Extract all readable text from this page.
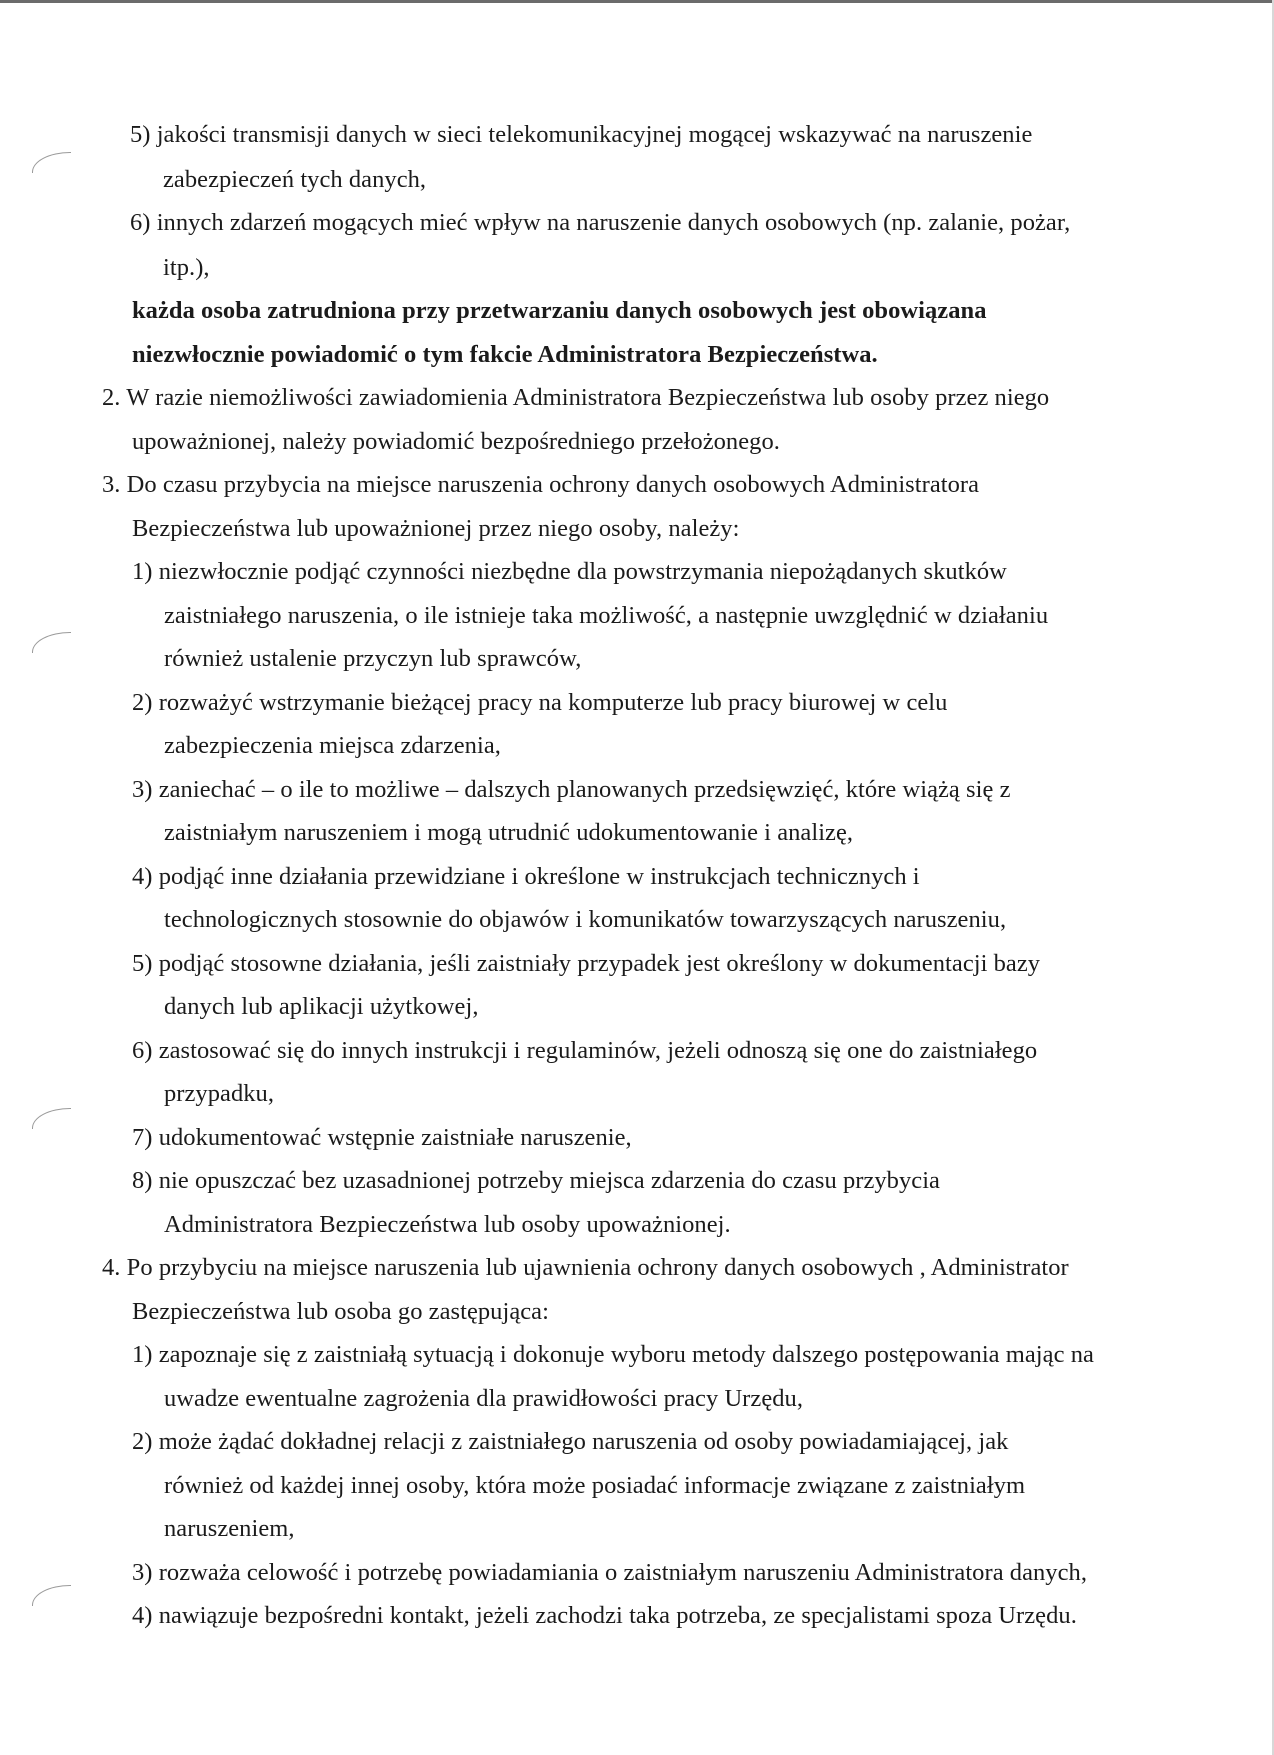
5) jakości transmisji danych w sieci telekomunikacyjnej mogącej wskazywać na naruszenie
zabezpieczeń tych danych,
6) innych zdarzeń mogących mieć wpływ na naruszenie danych osobowych (np. zalanie, pożar,
itp.),
każda osoba zatrudniona przy przetwarzaniu danych osobowych jest obowiązana
niezwłocznie powiadomić o tym fakcie Administratora Bezpieczeństwa.
2. W razie niemożliwości zawiadomienia Administratora Bezpieczeństwa lub osoby przez niego
upoważnionej, należy powiadomić bezpośredniego przełożonego.
3. Do czasu przybycia na miejsce naruszenia ochrony danych osobowych Administratora
Bezpieczeństwa lub upoważnionej przez niego osoby, należy:
1) niezwłocznie podjąć czynności niezbędne dla powstrzymania niepożądanych skutków
zaistniałego naruszenia, o ile istnieje taka możliwość, a następnie uwzględnić w działaniu
również ustalenie przyczyn lub sprawców,
2) rozważyć wstrzymanie bieżącej pracy na komputerze lub pracy biurowej w celu
zabezpieczenia miejsca zdarzenia,
3) zaniechać – o ile to możliwe – dalszych planowanych przedsięwzięć, które wiążą się z
zaistniałym naruszeniem i mogą utrudnić udokumentowanie i analizę,
4) podjąć inne działania przewidziane i określone w instrukcjach technicznych i
technologicznych stosownie do objawów i komunikatów towarzyszących naruszeniu,
5) podjąć stosowne działania, jeśli zaistniały przypadek jest określony w dokumentacji bazy
danych lub aplikacji użytkowej,
6) zastosować się do innych instrukcji i regulaminów, jeżeli odnoszą się one do zaistniałego
przypadku,
7) udokumentować wstępnie zaistniałe naruszenie,
8) nie opuszczać bez uzasadnionej potrzeby miejsca zdarzenia do czasu przybycia
Administratora Bezpieczeństwa lub osoby upoważnionej.
4. Po przybyciu na miejsce naruszenia lub ujawnienia ochrony danych osobowych , Administrator
Bezpieczeństwa lub osoba go zastępująca:
1) zapoznaje się z zaistniałą sytuacją i dokonuje wyboru metody dalszego postępowania mając na
uwadze ewentualne zagrożenia dla prawidłowości pracy Urzędu,
2) może żądać dokładnej relacji z zaistniałego naruszenia od osoby powiadamiającej, jak
również od każdej innej osoby, która może posiadać informacje związane z zaistniałym
naruszeniem,
3) rozważa celowość i potrzebę powiadamiania o zaistniałym naruszeniu Administratora danych,
4) nawiązuje bezpośredni kontakt, jeżeli zachodzi taka potrzeba, ze specjalistami spoza Urzędu.
